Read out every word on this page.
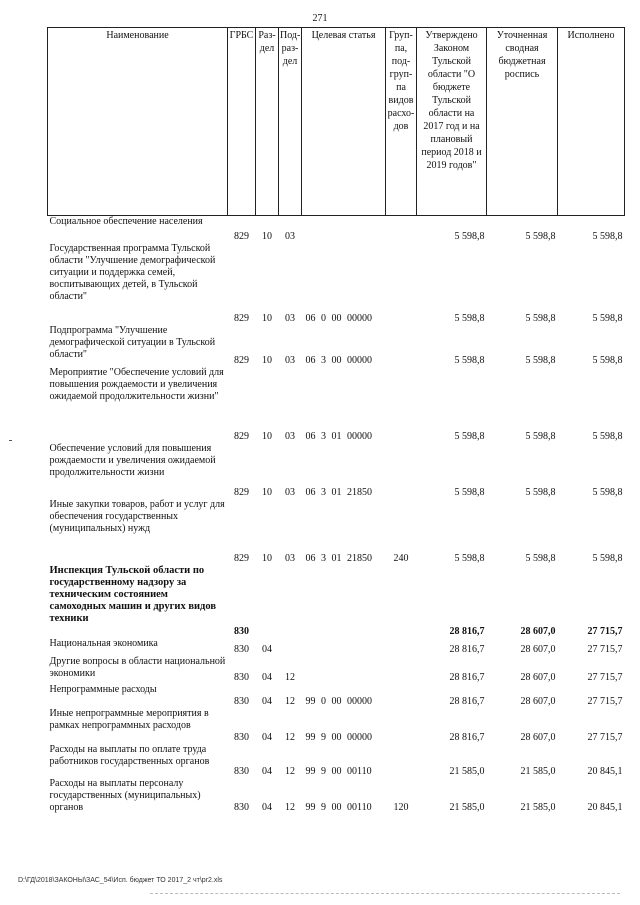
271
Наименование	ГРБС	Раз-дел	Под-раз-дел	Целевая статья	Груп-па, под-груп-па видов расхо-дов	Утверждено Законом Тульской области "О бюджете Тульской области на 2017 год и на плановый период 2018 и 2019 годов"	Уточненная сводная бюджетная роспись	Исполнено
Социальное обеспечение населения	829	10	03			5 598,8	5 598,8	5 598,8
Государственная программа Тульской области "Улучшение демографической ситуации и поддержка семей, воспитывающих детей, в Тульской области"	829	10	03	06 0 00 00000		5 598,8	5 598,8	5 598,8
Подпрограмма "Улучшение демографической ситуации в Тульской области"	829	10	03	06 3 00 00000		5 598,8	5 598,8	5 598,8
Мероприятие "Обеспечение условий для повышения рождаемости и увеличения ожидаемой продолжительности жизни"	829	10	03	06 3 01 00000		5 598,8	5 598,8	5 598,8
Обеспечение условий для повышения рождаемости и увеличения ожидаемой продолжительности жизни	829	10	03	06 3 01 21850		5 598,8	5 598,8	5 598,8
Иные закупки товаров, работ и услуг для обеспечения государственных (муниципальных) нужд	829	10	03	06 3 01 21850	240	5 598,8	5 598,8	5 598,8
Инспекция Тульской области по государственному надзору за техническим состоянием самоходных машин и других видов техники	830					28 816,7	28 607,0	27 715,7
Национальная экономика	830	04				28 816,7	28 607,0	27 715,7
Другие вопросы в области национальной экономики	830	04	12			28 816,7	28 607,0	27 715,7
Непрограммные расходы	830	04	12	99 0 00 00000		28 816,7	28 607,0	27 715,7
Иные непрограммные мероприятия в рамках непрограммных расходов	830	04	12	99 9 00 00000		28 816,7	28 607,0	27 715,7
Расходы на выплаты по оплате труда работников государственных органов	830	04	12	99 9 00 00110		21 585,0	21 585,0	20 845,1
Расходы на выплаты персоналу государственных (муниципальных) органов	830	04	12	99 9 00 00110	120	21 585,0	21 585,0	20 845,1
D:\ГД\2018\ЗАКОНЫ\ЗАС_54\Исп. бюджет ТО 2017_2 чт\pr2.xls
